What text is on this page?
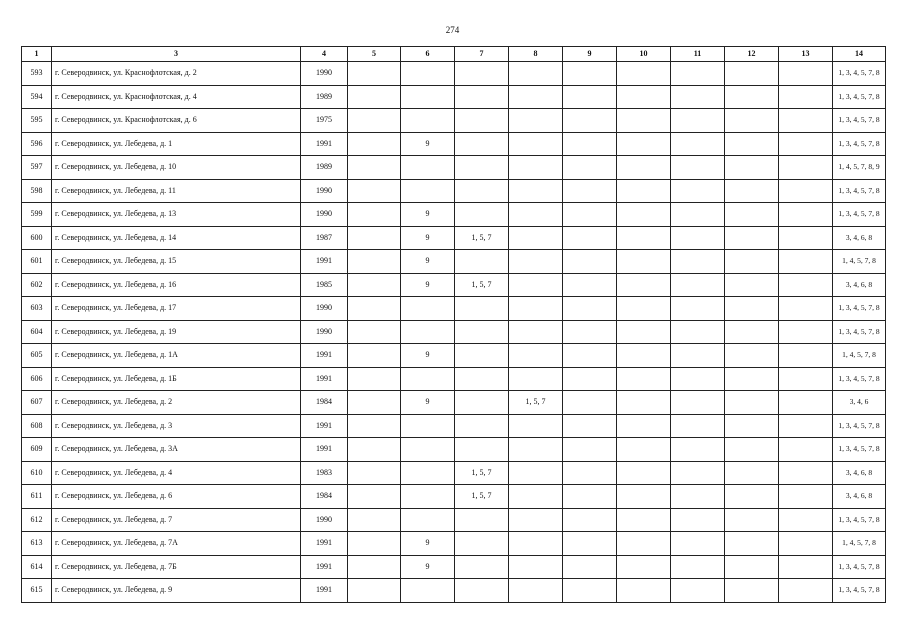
274
1	3	4	5	6	7	8	9	10	11	12	13	14
593	г. Северодвинск, ул. Краснофлотская, д. 2	1990										1, 3, 4, 5, 7, 8
594	г. Северодвинск, ул. Краснофлотская, д. 4	1989										1, 3, 4, 5, 7, 8
595	г. Северодвинск, ул. Краснофлотская, д. 6	1975										1, 3, 4, 5, 7, 8
596	г. Северодвинск, ул. Лебедева, д. 1	1991		9								1, 3, 4, 5, 7, 8
597	г. Северодвинск, ул. Лебедева, д. 10	1989										1, 4, 5, 7, 8, 9
598	г. Северодвинск, ул. Лебедева, д. 11	1990										1, 3, 4, 5, 7, 8
599	г. Северодвинск, ул. Лебедева, д. 13	1990		9								1, 3, 4, 5, 7, 8
600	г. Северодвинск, ул. Лебедева, д. 14	1987		9	1, 5, 7							3, 4, 6, 8
601	г. Северодвинск, ул. Лебедева, д. 15	1991		9								1, 4, 5, 7, 8
602	г. Северодвинск, ул. Лебедева, д. 16	1985		9	1, 5, 7							3, 4, 6, 8
603	г. Северодвинск, ул. Лебедева, д. 17	1990										1, 3, 4, 5, 7, 8
604	г. Северодвинск, ул. Лебедева, д. 19	1990										1, 3, 4, 5, 7, 8
605	г. Северодвинск, ул. Лебедева, д. 1А	1991		9								1, 4, 5, 7, 8
606	г. Северодвинск, ул. Лебедева, д. 1Б	1991										1, 3, 4, 5, 7, 8
607	г. Северодвинск, ул. Лебедева, д. 2	1984		9		1, 5, 7						3, 4, 6
608	г. Северодвинск, ул. Лебедева, д. 3	1991										1, 3, 4, 5, 7, 8
609	г. Северодвинск, ул. Лебедева, д. 3А	1991										1, 3, 4, 5, 7, 8
610	г. Северодвинск, ул. Лебедева, д. 4	1983			1, 5, 7							3, 4, 6, 8
611	г. Северодвинск, ул. Лебедева, д. 6	1984			1, 5, 7							3, 4, 6, 8
612	г. Северодвинск, ул. Лебедева, д. 7	1990										1, 3, 4, 5, 7, 8
613	г. Северодвинск, ул. Лебедева, д. 7А	1991		9								1, 4, 5, 7, 8
614	г. Северодвинск, ул. Лебедева, д. 7Б	1991		9								1, 3, 4, 5, 7, 8
615	г. Северодвинск, ул. Лебедева, д. 9	1991										1, 3, 4, 5, 7, 8
